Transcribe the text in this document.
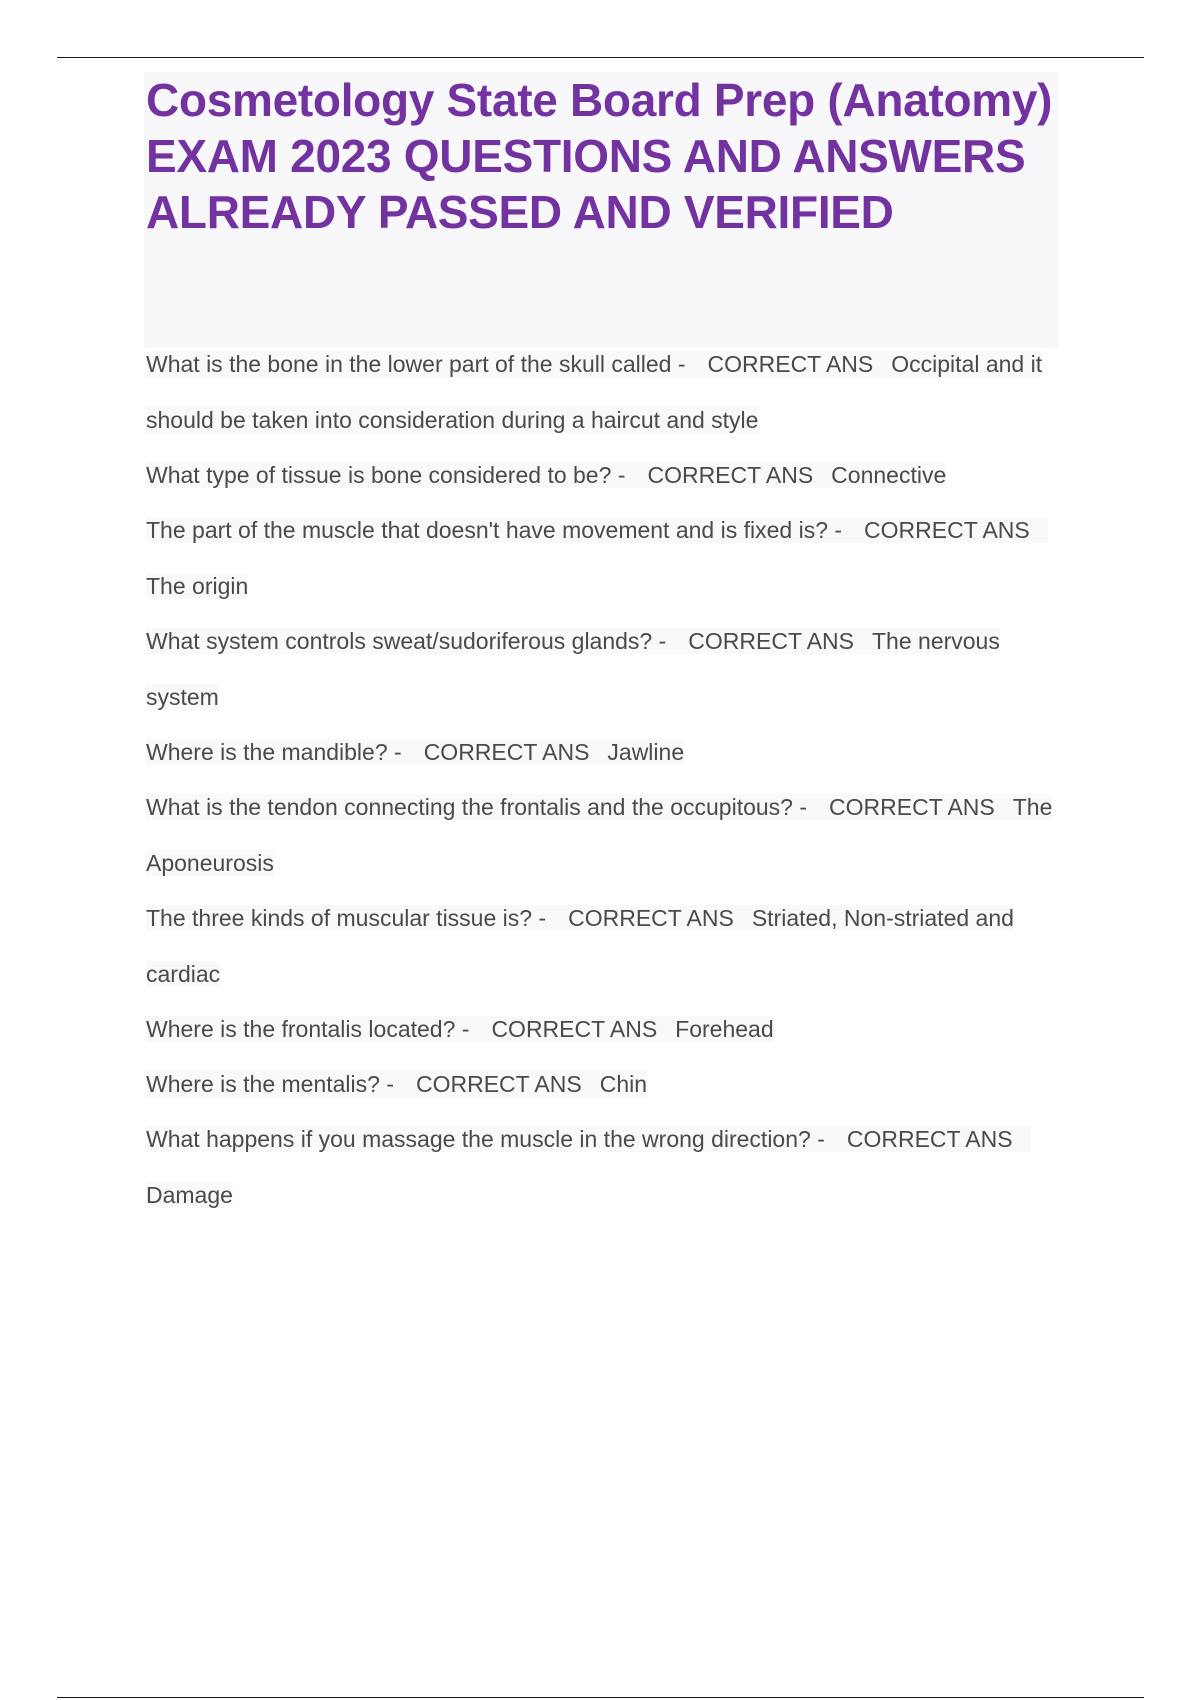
Cosmetology State Board Prep (Anatomy) EXAM 2023 QUESTIONS AND ANSWERS ALREADY PASSED AND VERIFIED
What is the bone in the lower part of the skull called - CORRECT ANS Occipital and it should be taken into consideration during a haircut and style
What type of tissue is bone considered to be? - CORRECT ANS Connective
The part of the muscle that doesn't have movement and is fixed is? - CORRECT ANSThe origin
What system controls sweat/sudoriferous glands? - CORRECT ANS The nervous system
Where is the mandible? - CORRECT ANS Jawline
What is the tendon connecting the frontalis and the occupitous? - CORRECT ANS The Aponeurosis
The three kinds of muscular tissue is? - CORRECT ANS Striated, Non-striated and cardiac
Where is the frontalis located? - CORRECT ANS Forehead
Where is the mentalis? - CORRECT ANS Chin
What happens if you massage the muscle in the wrong direction? - CORRECT ANSDamage
